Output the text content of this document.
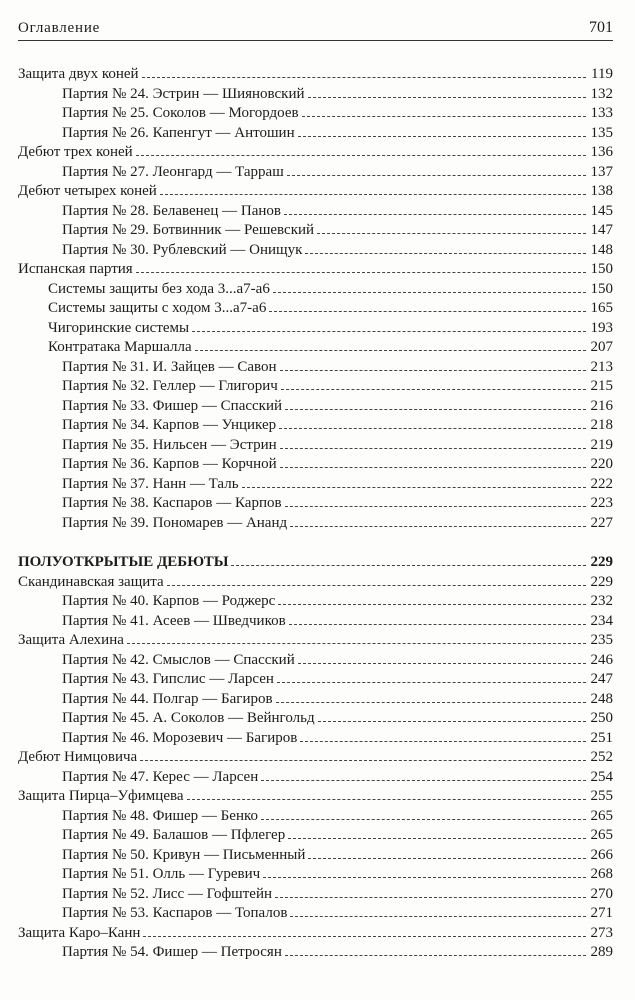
Оглавление	701
Защита двух коней	119
Партия № 24. Эстрин — Шияновский	132
Партия № 25. Соколов — Могордоев	133
Партия № 26. Капенгут — Антошин	135
Дебют трех коней	136
Партия № 27. Леонгард — Тарраш	137
Дебют четырех коней	138
Партия № 28. Белавенец — Панов	145
Партия № 29. Ботвинник — Решевский	147
Партия № 30. Рублевский — Онищук	148
Испанская партия	150
Системы защиты без хода 3...a7-a6	150
Системы защиты с ходом 3...a7-a6	165
Чигоринские системы	193
Контратака Маршалла	207
Партия № 31. И. Зайцев — Савон	213
Партия № 32. Геллер — Глигорич	215
Партия № 33. Фишер — Спасский	216
Партия № 34. Карпов — Унцикер	218
Партия № 35. Нильсен — Эстрин	219
Партия № 36. Карпов — Корчной	220
Партия № 37. Нанн — Таль	222
Партия № 38. Каспаров — Карпов	223
Партия № 39. Пономарев — Ананд	227
ПОЛУОТКРЫТЫЕ ДЕБЮТЫ	229
Скандинавская защита	229
Партия № 40. Карпов — Роджерс	232
Партия № 41. Асеев — Шведчиков	234
Защита Алехина	235
Партия № 42. Смыслов — Спасский	246
Партия № 43. Гипслис — Ларсен	247
Партия № 44. Полгар — Багиров	248
Партия № 45. А. Соколов — Вейнгольд	250
Партия № 46. Морозевич — Багиров	251
Дебют Нимцовича	252
Партия № 47. Керес — Ларсен	254
Защита Пирца–Уфимцева	255
Партия № 48. Фишер — Бенко	265
Партия № 49. Балашов — Пфлегер	265
Партия № 50. Кривун — Письменный	266
Партия № 51. Олль — Гуревич	268
Партия № 52. Лисс — Гофштейн	270
Партия № 53. Каспаров — Топалов	271
Защита Каро–Канн	273
Партия № 54. Фишер — Петросян	289
